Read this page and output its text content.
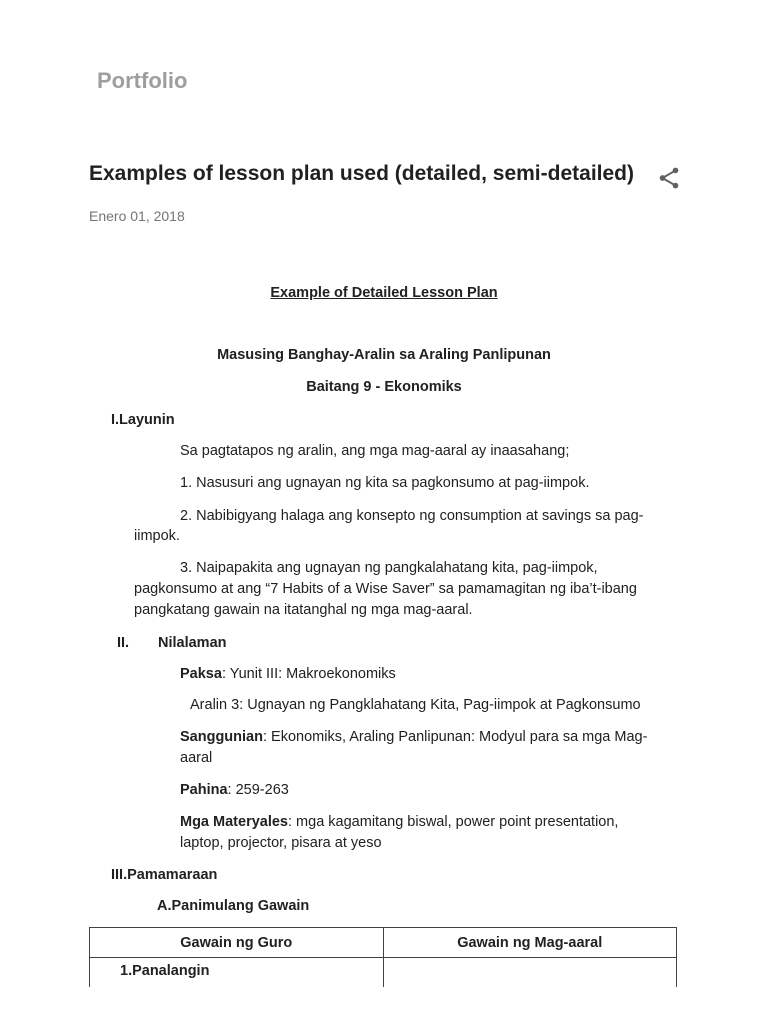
Portfolio
Examples of lesson plan used (detailed, semi-detailed)
Enero 01, 2018
Example of Detailed Lesson Plan
Masusing Banghay-Aralin sa Araling Panlipunan
Baitang 9 - Ekonomiks
I.Layunin
Sa pagtatapos ng aralin, ang mga mag-aaral ay inaasahang;
1. Nasusuri ang ugnayan ng kita sa pagkonsumo at pag-iimpok.
2. Nabibigyang halaga ang konsepto ng consumption at savings sa pag-
iimpok.
3. Naipapakita ang ugnayan ng pangkalahatang kita, pag-iimpok,
pagkonsumo at ang “7 Habits of a Wise Saver” sa pamamagitan ng iba’t-ibang
pangkatang gawain na itatanghal ng mga mag-aaral.
II. Nilalaman
Paksa: Yunit III: Makroekonomiks
Aralin 3: Ugnayan ng Pangklahatang Kita, Pag-iimpok at Pagkonsumo
Sanggunian: Ekonomiks, Araling Panlipunan: Modyul para sa mga Mag-
aaral
Pahina: 259-263
Mga Materyales: mga kagamitang biswal, power point presentation,
laptop, projector, pisara at yeso
III.Pamamaraan
A.Panimulang Gawain
Gawain ng Guro	Gawain ng Mag-aaral

1.Panalangin	
